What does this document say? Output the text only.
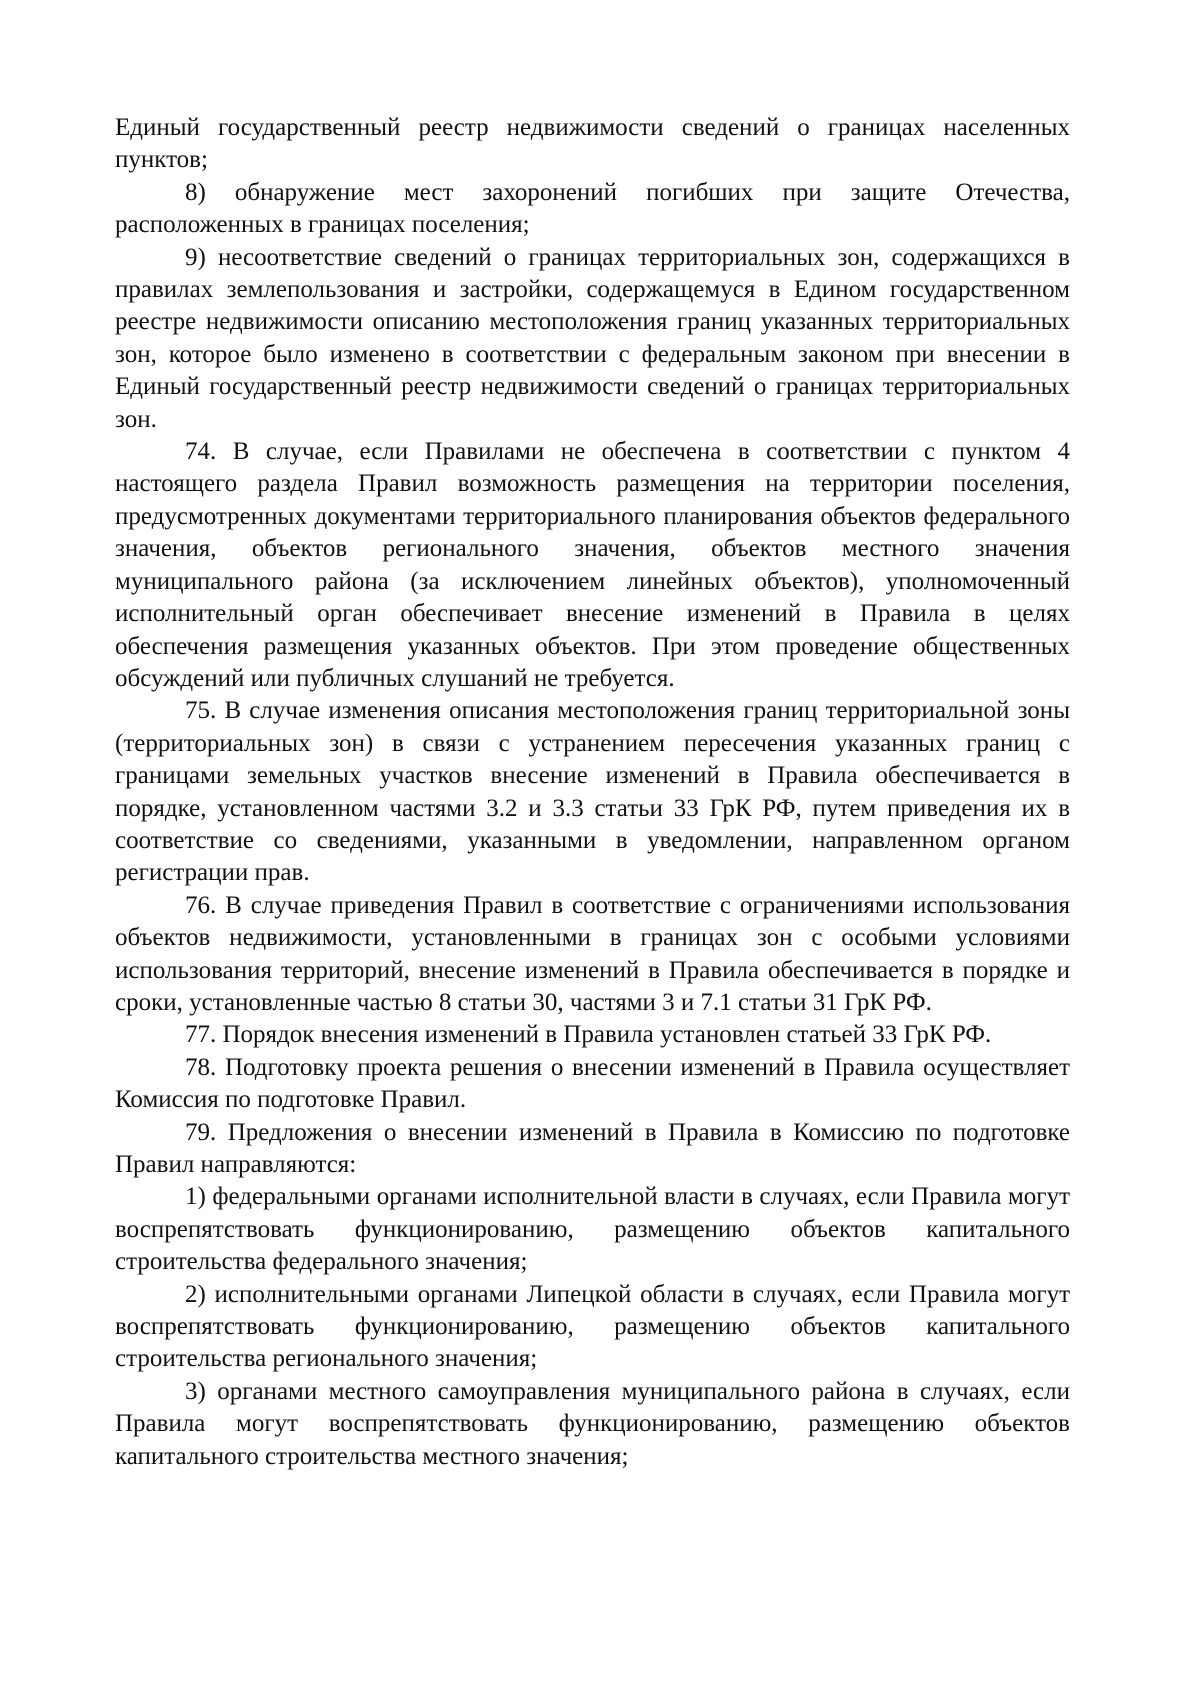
Единый государственный реестр недвижимости сведений о границах населенных пунктов;

8) обнаружение мест захоронений погибших при защите Отечества, расположенных в границах поселения;

9) несоответствие сведений о границах территориальных зон, содержащихся в правилах землепользования и застройки, содержащемуся в Едином государственном реестре недвижимости описанию местоположения границ указанных территориальных зон, которое было изменено в соответствии с федеральным законом при внесении в Единый государственный реестр недвижимости сведений о границах территориальных зон.

74. В случае, если Правилами не обеспечена в соответствии с пунктом 4 настоящего раздела Правил возможность размещения на территории поселения, предусмотренных документами территориального планирования объектов федерального значения, объектов регионального значения, объектов местного значения муниципального района (за исключением линейных объектов), уполномоченный исполнительный орган обеспечивает внесение изменений в Правила в целях обеспечения размещения указанных объектов. При этом проведение общественных обсуждений или публичных слушаний не требуется.

75. В случае изменения описания местоположения границ территориальной зоны (территориальных зон) в связи с устранением пересечения указанных границ с границами земельных участков внесение изменений в Правила обеспечивается в порядке, установленном частями 3.2 и 3.3 статьи 33 ГрК РФ, путем приведения их в соответствие со сведениями, указанными в уведомлении, направленном органом регистрации прав.

76. В случае приведения Правил в соответствие с ограничениями использования объектов недвижимости, установленными в границах зон с особыми условиями использования территорий, внесение изменений в Правила обеспечивается в порядке и сроки, установленные частью 8 статьи 30, частями 3 и 7.1 статьи 31 ГрК РФ.

77. Порядок внесения изменений в Правила установлен статьей 33 ГрК РФ.

78. Подготовку проекта решения о внесении изменений в Правила осуществляет Комиссия по подготовке Правил.

79. Предложения о внесении изменений в Правила в Комиссию по подготовке Правил направляются:

1) федеральными органами исполнительной власти в случаях, если Правила могут воспрепятствовать функционированию, размещению объектов капитального строительства федерального значения;

2) исполнительными органами Липецкой области в случаях, если Правила могут воспрепятствовать функционированию, размещению объектов капитального строительства регионального значения;

3) органами местного самоуправления муниципального района в случаях, если Правила могут воспрепятствовать функционированию, размещению объектов капитального строительства местного значения;
